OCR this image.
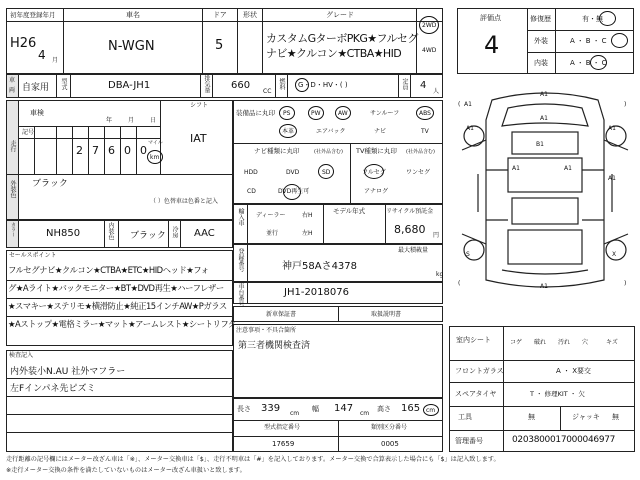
初年度登録年月
H26
4 月
車名
N-WGN
ドア
5
形状	グレード
カスタムGターボPKG★フルセグ
ナビ★クルコン★CTBA★HID
2WD
4WD
車
両 自家用 型式	DBA-JH1	排気量 660
CC
燃料 G・D・HV・( )	定員 4
人
車検
年	月	日
シフト
IAT
走行
記号
2 7 6 0 0
マイル
km
外装色 ブラック
（ ）色替車は色番と記入
カラー	NH850	内装色 ブラック 冷房 AAC
セールスポイント
フルセグナビ★クルコン★CTBA★ETC★HIDヘッド★フォ
グ★Aライト★バックモニター★BT★DVD再生★ハーフレザー
★スマキー★ステリモ★横滑防止★純正15インチAW★Pガラス
★Aストップ★電格ミラー★マット★アームレスト★シートリフタ
検査記入
内外装小N.AU 社外マフラー
左Fインパネ先ピズミ
装備品に丸印 PS	PW	AW	サンルーフ	ABS
本革	エアバック	ナビ	TV
ナビ種類に丸印	(社外品含む) TV種類に丸印 (社外品含む)
HDD	DVD	SD
CD	DVD再生可
フルセグ	ワンセグ
アナログ
輸入車 ディーラー
並行
右H
左H
モデル年式	リサイクル預託金
8,680 円
登録番号	最大積載量
神戸58Aさ4378
kg
車台番号	JH1-2018076
新車保証書	取扱説明書
注意事項・不具合箇所
第三者機関検査済
長さ 339 cm
幅 147 cm
高さ 165 cm
型式指定番号	類別区分番号
17659	0005
評価点
4
修復歴	有・無
外装	A・B・C
内装	A・B・C
( A1	)
A1
A1
B1
A1	A1
A1	A1
A1
S	X
(	)
A1
室内シート	コゲ 破れ 汚れ 穴	キズ
フロントガラス	A ・ X要交
スペアタイヤ	T ・ 修理KIT ・ 欠
工具	無	ジャッキ 無
管理番号	0203800017000046977
走行距離の記号欄にはメーター改ざん車は「※」、メーター交換車は「$」、走行不明車は「#」を記入しております。メーター交換で合算表示した場合にも「$」は記入致します。
※走行メーター交換の条件を満たしていないものはメーター改ざん車扱いと致します。
